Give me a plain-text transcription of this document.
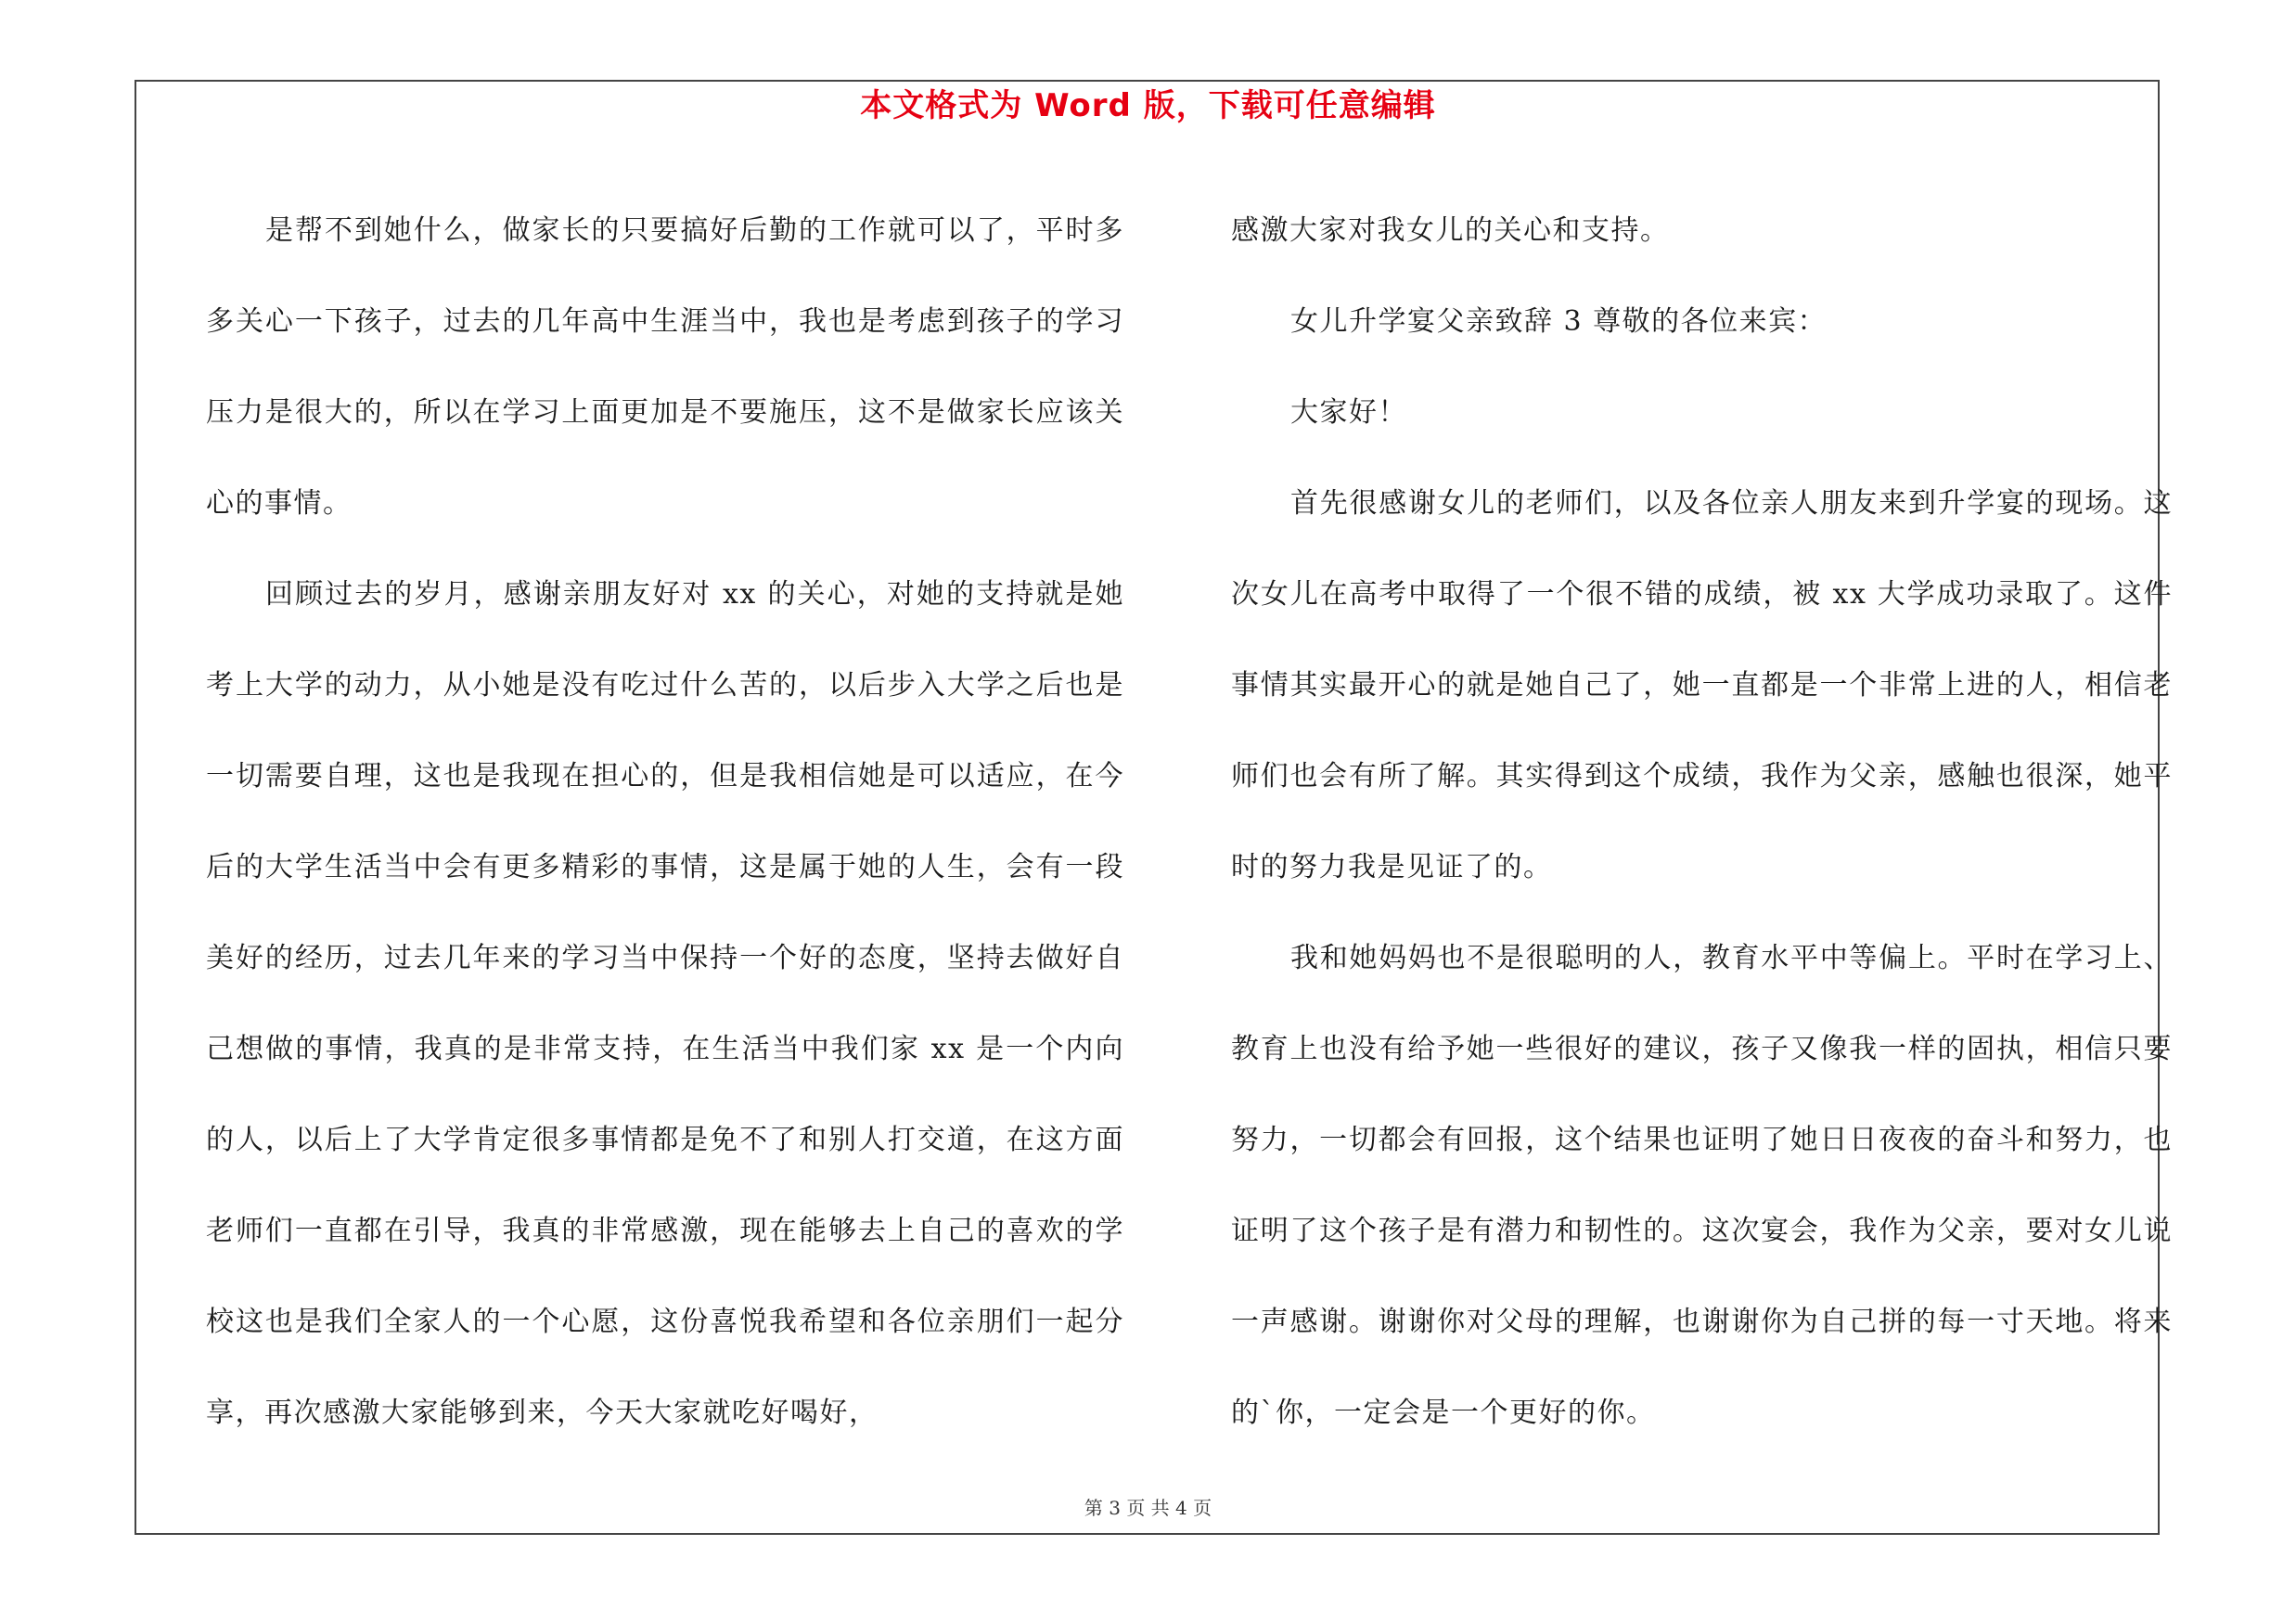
本文格式为 Word 版，下载可任意编辑

是帮不到她什么，做家长的只要搞好后勤的工作就可以了，平时多多关心一下孩子，过去的几年高中生涯当中，我也是考虑到孩子的学习压力是很大的，所以在学习上面更加是不要施压，这不是做家长应该关心的事情。

回顾过去的岁月，感谢亲朋友好对 xx 的关心，对她的支持就是她考上大学的动力，从小她是没有吃过什么苦的，以后步入大学之后也是一切需要自理，这也是我现在担心的，但是我相信她是可以适应，在今后的大学生活当中会有更多精彩的事情，这是属于她的人生，会有一段美好的经历，过去几年来的学习当中保持一个好的态度，坚持去做好自己想做的事情，我真的是非常支持，在生活当中我们家 xx 是一个内向的人，以后上了大学肯定很多事情都是免不了和别人打交道，在这方面老师们一直都在引导，我真的非常感激，现在能够去上自己的喜欢的学校这也是我们全家人的一个心愿，这份喜悦我希望和各位亲朋们一起分享，再次感激大家能够到来，今天大家就吃好喝好，

感激大家对我女儿的关心和支持。

女儿升学宴父亲致辞 3 尊敬的各位来宾：

大家好！

首先很感谢女儿的老师们，以及各位亲人朋友来到升学宴的现场。这次女儿在高考中取得了一个很不错的成绩，被 xx 大学成功录取了。这件事情其实最开心的就是她自己了，她一直都是一个非常上进的人，相信老师们也会有所了解。其实得到这个成绩，我作为父亲，感触也很深，她平时的努力我是见证了的。

我和她妈妈也不是很聪明的人，教育水平中等偏上。平时在学习上、教育上也没有给予她一些很好的建议，孩子又像我一样的固执，相信只要努力，一切都会有回报，这个结果也证明了她日日夜夜的奋斗和努力，也证明了这个孩子是有潜力和韧性的。这次宴会，我作为父亲，要对女儿说一声感谢。谢谢你对父母的理解，也谢谢你为自己拼的每一寸天地。将来的`你，一定会是一个更好的你。

第 3 页 共 4 页
